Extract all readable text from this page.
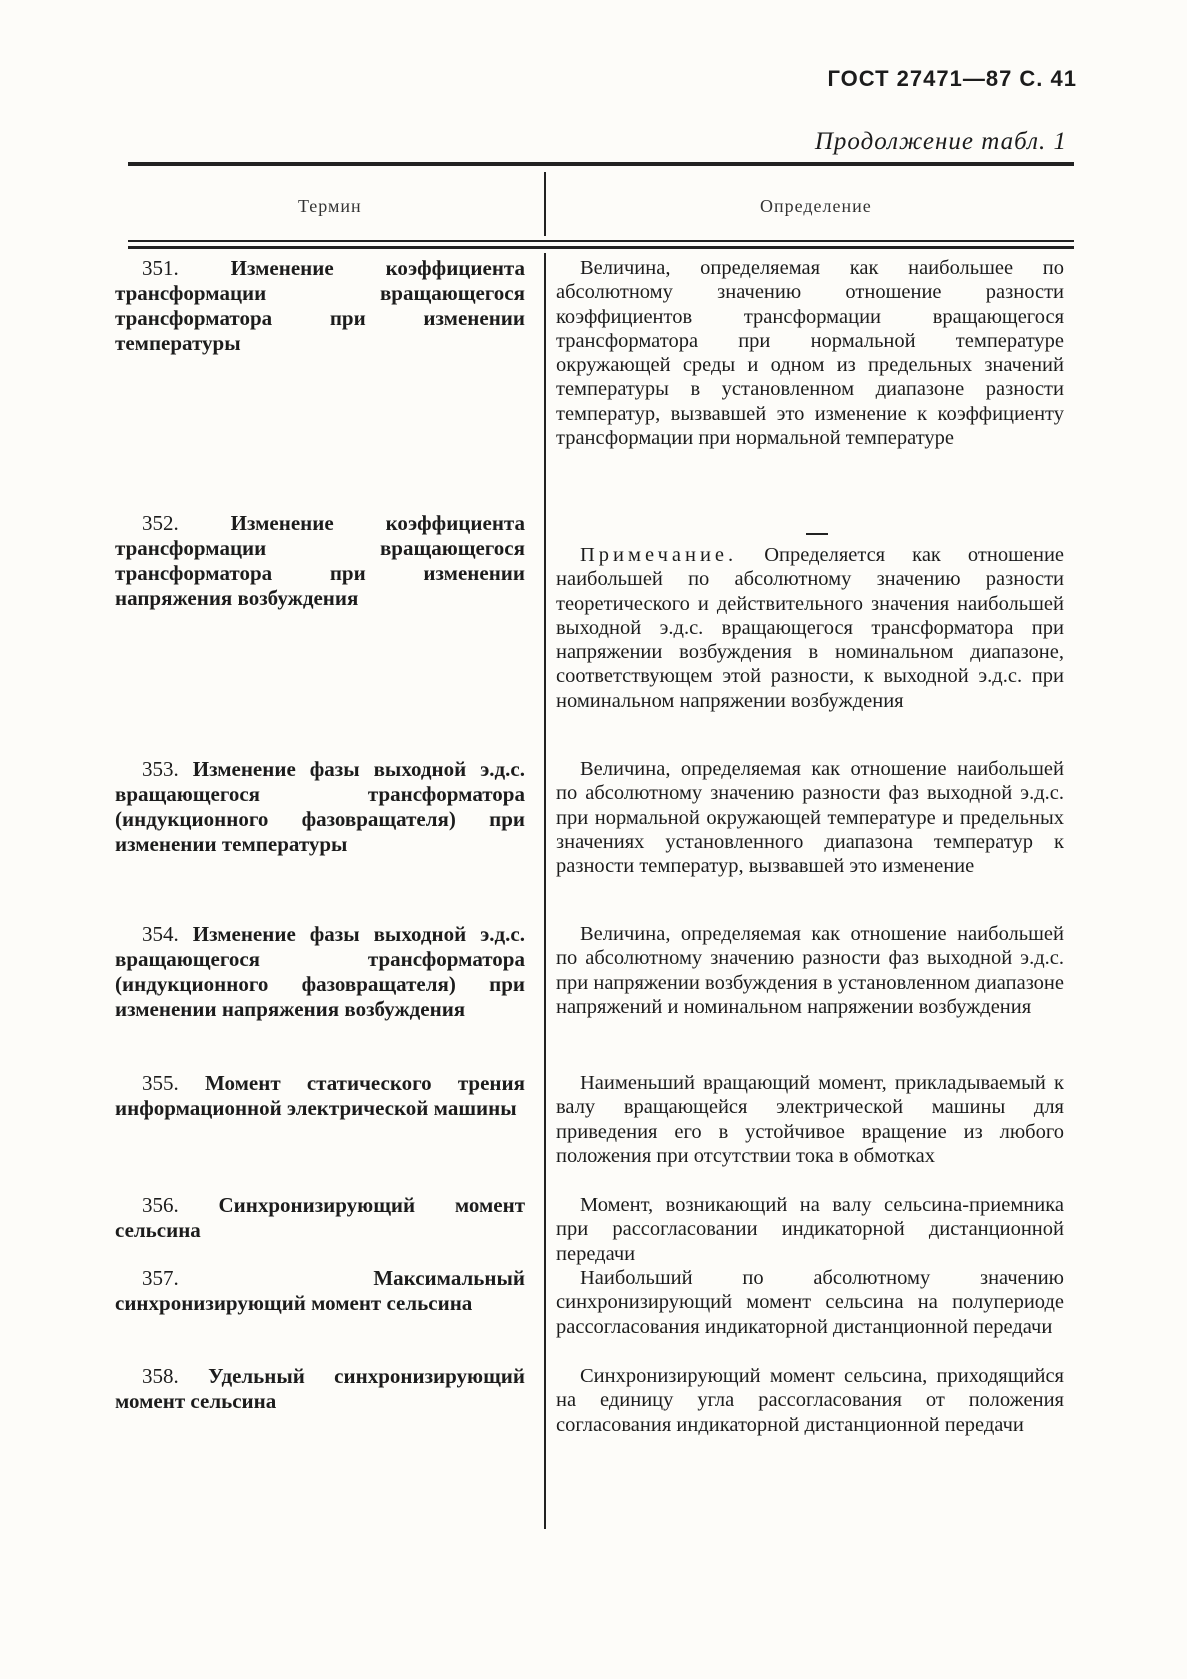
ГОСТ 27471—87 С. 41
Продолжение табл. 1
Термин	Определение
351. Изменение коэффициента трансформации вращающегося трансформатора при изменении температуры

Величина, определяемая как наибольшее по абсолютному значению отношение разности коэффициентов трансформации вращающегося трансформатора при нормальной температуре окружающей среды и одном из предельных значений температуры в установленном диапазоне разности температур, вызвавшей это изменение к коэффициенту трансформации при нормальной температуре

352. Изменение коэффициента трансформации вращающегося трансформатора при изменении напряжения возбуждения

Примечание. Определяется как отношение наибольшей по абсолютному значению разности теоретического и действительного значения наибольшей выходной э.д.с. вращающегося трансформатора при напряжении возбуждения в номинальном диапазоне, соответствующем этой разности, к выходной э.д.с. при номинальном напряжении возбуждения

353. Изменение фазы выходной э.д.с. вращающегося трансформатора (индукционного фазовращателя) при изменении температуры

Величина, определяемая как отношение наибольшей по абсолютному значению разности фаз выходной э.д.с. при нормальной окружающей температуре и предельных значениях установленного диапазона температур к разности температур, вызвавшей это изменение

354. Изменение фазы выходной э.д.с. вращающегося трансформатора (индукционного фазовращателя) при изменении напряжения возбуждения

Величина, определяемая как отношение наибольшей по абсолютному значению разности фаз выходной э.д.с. при напряжении возбуждения в установленном диапазоне напряжений и номинальном напряжении возбуждения

355. Момент статического трения информационной электрической машины

Наименьший вращающий момент, прикладываемый к валу вращающейся электрической машины для приведения его в устойчивое вращение из любого положения при отсутствии тока в обмотках

356. Синхронизирующий момент сельсина

Момент, возникающий на валу сельсина-приемника при рассогласовании индикаторной дистанционной передачи

357.	Максимальный синхронизирующий момент сельсина

Наибольший по абсолютному значению синхронизирующий момент сельсина на полупериоде рассогласования индикаторной дистанционной передачи

358. Удельный синхронизирующий момент сельсина

Синхронизирующий момент сельсина, приходящийся на единицу угла рассогласования от положения согласования индикаторной дистанционной передачи
